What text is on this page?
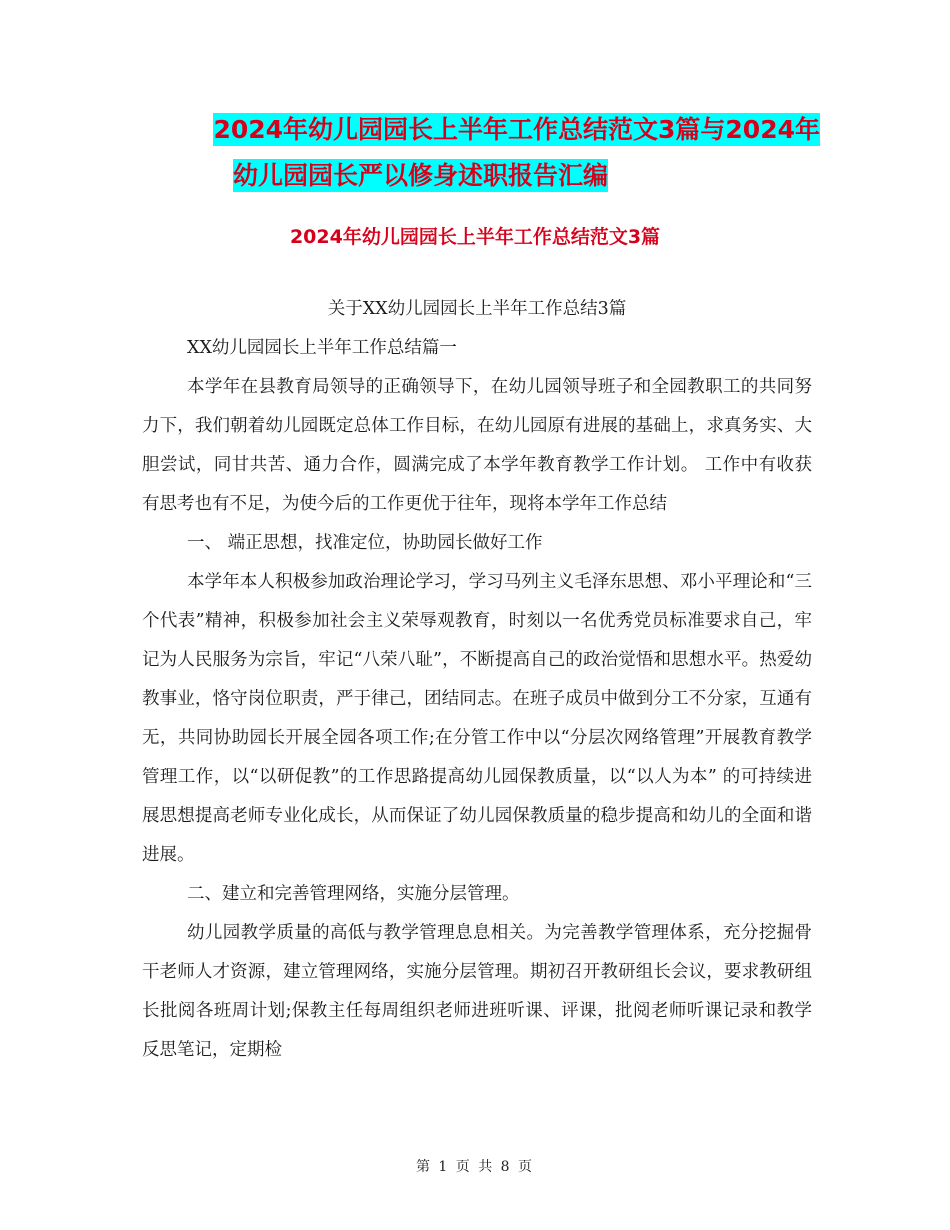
2024年幼儿园园长上半年工作总结范文3篇与2024年
幼儿园园长严以修身述职报告汇编
2024年幼儿园园长上半年工作总结范文3篇

关于XX幼儿园园长上半年工作总结3篇

XX幼儿园园长上半年工作总结篇一

本学年在县教育局领导的正确领导下，在幼儿园领导班子和全园教职工的共同努力下，我们朝着幼儿园既定总体工作目标，在幼儿园原有进展的基础上，求真务实、大胆尝试，同甘共苦、通力合作，圆满完成了本学年教育教学工作计划。 工作中有收获有思考也有不足，为使今后的工作更优于往年，现将本学年工作总结

一、 端正思想，找准定位，协助园长做好工作

本学年本人积极参加政治理论学习，学习马列主义毛泽东思想、邓小平理论和“三个代表”精神，积极参加社会主义荣辱观教育，时刻以一名优秀党员标准要求自己，牢记为人民服务为宗旨，牢记“八荣八耻”，不断提高自己的政治觉悟和思想水平。热爱幼教事业，恪守岗位职责，严于律己，团结同志。在班子成员中做到分工不分家，互通有无，共同协助园长开展全园各项工作;在分管工作中以“分层次网络管理”开展教育教学管理工作，以“以研促教”的工作思路提高幼儿园保教质量，以“以人为本” 的可持续进展思想提高老师专业化成长，从而保证了幼儿园保教质量的稳步提高和幼儿的全面和谐进展。

二、建立和完善管理网络，实施分层管理。

幼儿园教学质量的高低与教学管理息息相关。为完善教学管理体系，充分挖掘骨干老师人才资源，建立管理网络，实施分层管理。期初召开教研组长会议，要求教研组长批阅各班周计划;保教主任每周组织老师进班听课、评课，批阅老师听课记录和教学反思笔记，定期检

第 1 页 共 8 页
